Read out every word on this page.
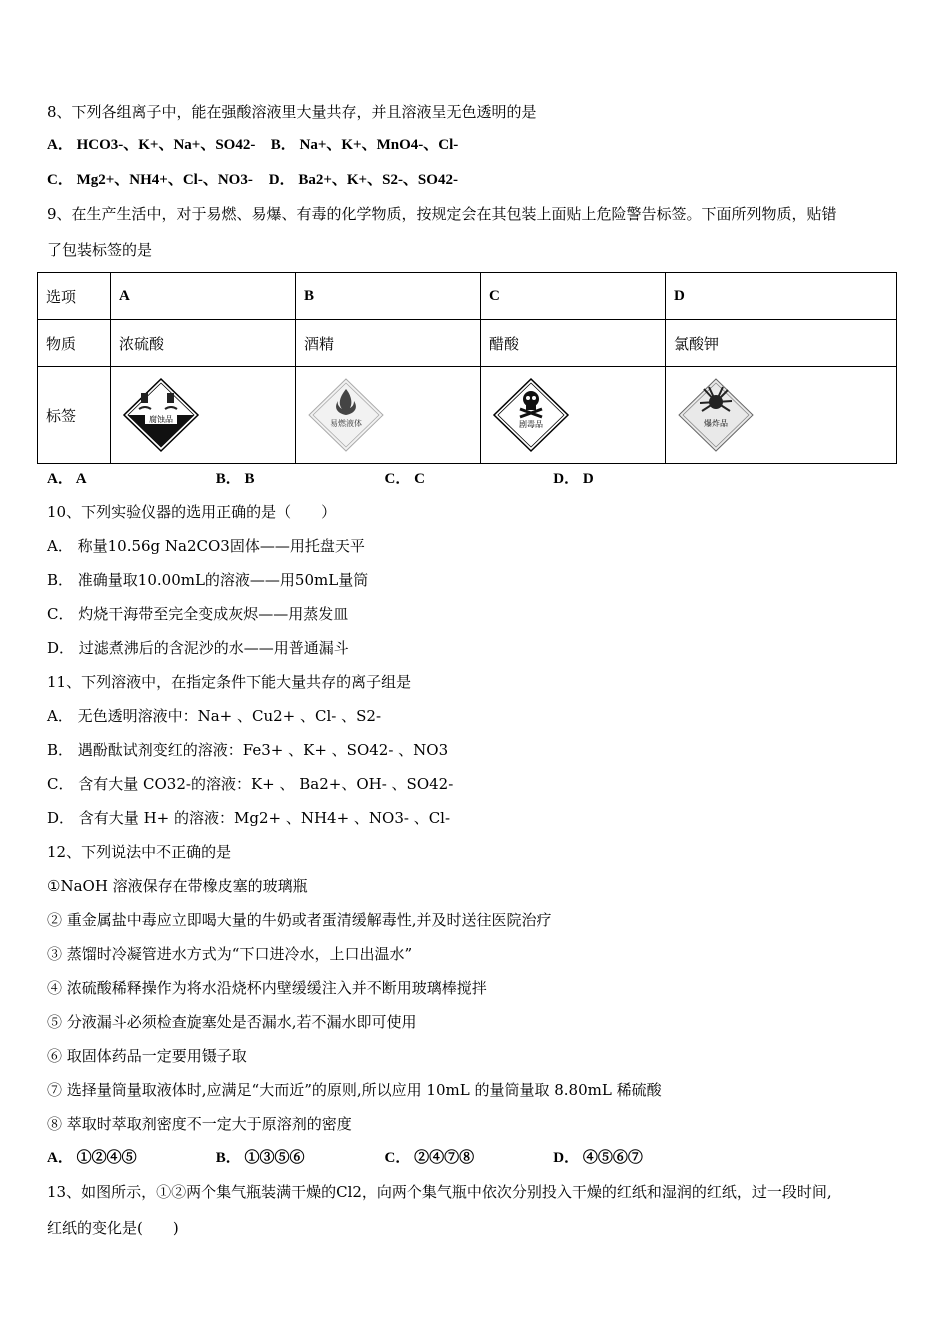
8、下列各组离子中，能在强酸溶液里大量共存，并且溶液呈无色透明的是
A． HCO3-、K+、Na+、SO42- B． Na+、K+、MnO4-、Cl-
C． Mg2+、NH4+、Cl-、NO3- D． Ba2+、K+、S2-、SO42-
9、在生产生活中，对于易燃、易爆、有毒的化学物质，按规定会在其包装上面贴上危险警告标签。下面所列物质，贴错
了包装标签的是
选项	A	B	C	D
物质	浓硫酸	酒精	醋酸	氯酸钾
标签	腐蚀品	易燃液体	剧毒品	爆炸品
A． A	B． B	C． C	D． D
10、下列实验仪器的选用正确的是（　　）
A． 称量10.56g Na2CO3固体——用托盘天平
B． 准确量取10.00mL的溶液——用50mL量筒
C． 灼烧干海带至完全变成灰烬——用蒸发皿
D． 过滤煮沸后的含泥沙的水——用普通漏斗
11、下列溶液中，在指定条件下能大量共存的离子组是
A． 无色透明溶液中：Na+ 、Cu2+ 、Cl- 、S2-
B． 遇酚酞试剂变红的溶液：Fe3+ 、K+ 、SO42- 、NO3
C． 含有大量 CO32-的溶液：K+ 、 Ba2+、OH- 、SO42-
D． 含有大量 H+ 的溶液：Mg2+ 、NH4+ 、NO3- 、Cl-
12、下列说法中不正确的是
①NaOH 溶液保存在带橡皮塞的玻璃瓶
② 重金属盐中毒应立即喝大量的牛奶或者蛋清缓解毒性,并及时送往医院治疗
③ 蒸馏时冷凝管进水方式为“下口进冷水，上口出温水”
④ 浓硫酸稀释操作为将水沿烧杯内壁缓缓注入并不断用玻璃棒搅拌
⑤ 分液漏斗必须检查旋塞处是否漏水,若不漏水即可使用
⑥ 取固体药品一定要用镊子取
⑦ 选择量筒量取液体时,应满足“大而近”的原则,所以应用 10mL 的量筒量取 8.80mL 稀硫酸
⑧ 萃取时萃取剂密度不一定大于原溶剂的密度
A． ①②④⑤	B． ①③⑤⑥	C． ②④⑦⑧	D． ④⑤⑥⑦
13、如图所示，①②两个集气瓶装满干燥的Cl2，向两个集气瓶中依次分别投入干燥的红纸和湿润的红纸，过一段时间,
红纸的变化是(　　)
